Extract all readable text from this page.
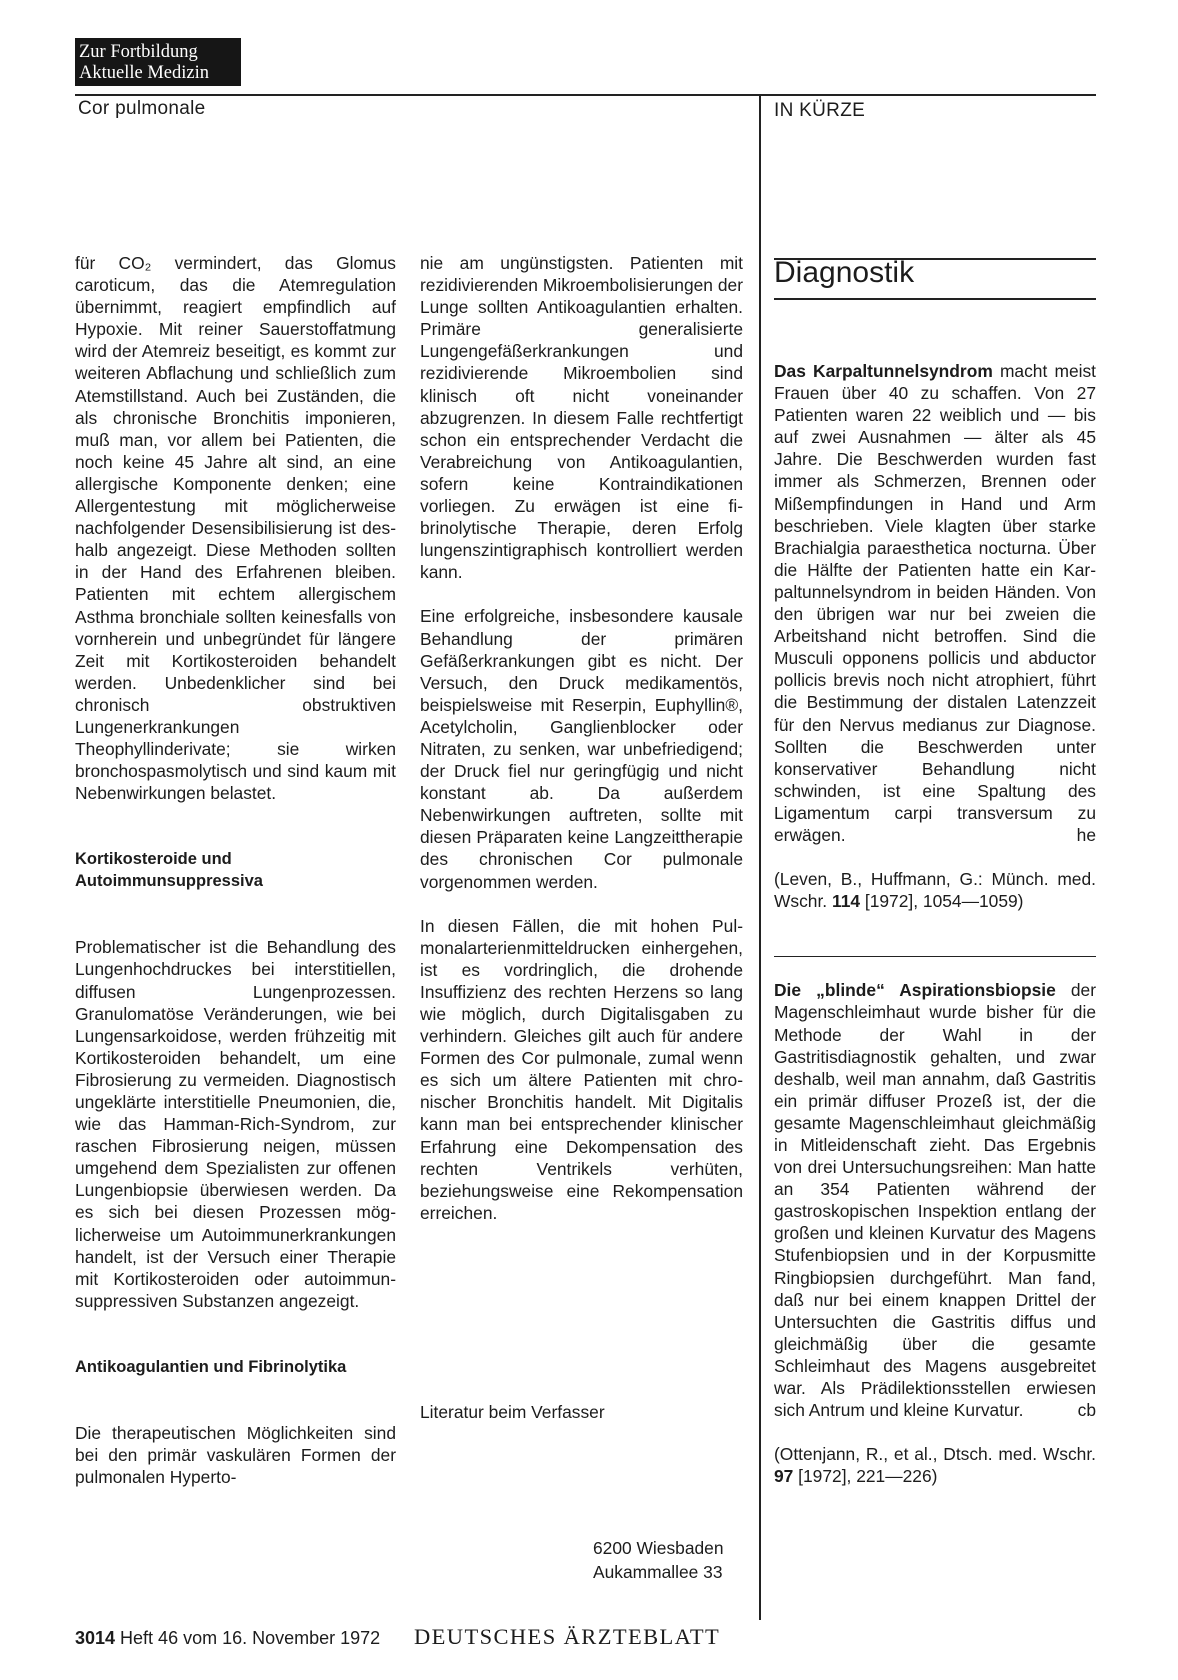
Zur Fortbildung
Aktuelle Medizin
Cor pulmonale	IN KÜRZE

für CO₂ vermindert, das Glomus caroticum, das die Atemregulation übernimmt, reagiert empfindlich auf Hypoxie. Mit reiner Sauerstoffatmung wird der Atemreiz beseitigt, es kommt zur weiteren Abflachung und schließlich zum Atemstillstand. Auch bei Zuständen, die als chronische Bronchitis imponieren, muß man, vor allem bei Patienten, die noch keine 45 Jahre alt sind, an eine allergische Komponente denken; eine Allergentestung mit möglicherweise nachfolgender Desensibilisierung ist deshalb angezeigt. Diese Methoden sollten in der Hand des Erfahrenen bleiben. Patienten mit echtem allergischem Asthma bronchiale sollten keinesfalls von vornherein und unbegründet für längere Zeit mit Kortikosteroiden behandelt werden. Unbedenklicher sind bei chronisch obstruktiven Lungenerkrankungen Theophyllinderivate; sie wirken bronchospasmolytisch und sind kaum mit Nebenwirkungen belastet.

Kortikosteroide und
Autoimmunsuppressiva

Problematischer ist die Behandlung des Lungenhochdruckes bei interstitiellen, diffusen Lungenprozessen. Granulomatöse Veränderungen, wie bei Lungensarkoidose, werden frühzeitig mit Kortikosteroiden behandelt, um eine Fibrosierung zu vermeiden. Diagnostisch ungeklärte interstitielle Pneumonien, die, wie das Hamman-Rich-Syndrom, zur raschen Fibrosierung neigen, müssen umgehend dem Spezialisten zur offenen Lungenbiopsie überwiesen werden. Da es sich bei diesen Prozessen möglicherweise um Autoimmunerkrankungen handelt, ist der Versuch einer Therapie mit Kortikosteroiden oder autoimmun-suppressiven Substanzen angezeigt.

Antikoagulantien und Fibrinolytika

Die therapeutischen Möglichkeiten sind bei den primär vaskulären Formen der pulmonalen Hyperto-

nie am ungünstigsten. Patienten mit rezidivierenden Mikroembolisierungen der Lunge sollten Antikoagulantien erhalten. Primäre generalisierte Lungengefäßerkrankungen und rezidivierende Mikroembolien sind klinisch oft nicht voneinander abzugrenzen. In diesem Falle rechtfertigt schon ein entsprechender Verdacht die Verabreichung von Antikoagulantien, sofern keine Kontraindikationen vorliegen. Zu erwägen ist eine fibrinolytische Therapie, deren Erfolg lungenszintigraphisch kontrolliert werden kann.

Eine erfolgreiche, insbesondere kausale Behandlung der primären Gefäßerkrankungen gibt es nicht. Der Versuch, den Druck medikamentös, beispielsweise mit Reserpin, Euphyllin®, Acetylcholin, Ganglienblocker oder Nitraten, zu senken, war unbefriedigend; der Druck fiel nur geringfügig und nicht konstant ab. Da außerdem Nebenwirkungen auftreten, sollte mit diesen Präparaten keine Langzeittherapie des chronischen Cor pulmonale vorgenommen werden.

In diesen Fällen, die mit hohen Pulmonalarterienmitteldrucken einhergehen, ist es vordringlich, die drohende Insuffizienz des rechten Herzens so lang wie möglich, durch Digitalisgaben zu verhindern. Gleiches gilt auch für andere Formen des Cor pulmonale, zumal wenn es sich um ältere Patienten mit chronischer Bronchitis handelt. Mit Digitalis kann man bei entsprechender klinischer Erfahrung eine Dekompensation des rechten Ventrikels verhüten, beziehungsweise eine Rekompensation erreichen.

Literatur beim Verfasser
6200 Wiesbaden
Aukammallee 33
Diagnostik

Das Karpaltunnelsyndrom macht meist Frauen über 40 zu schaffen. Von 27 Patienten waren 22 weiblich und — bis auf zwei Ausnahmen — älter als 45 Jahre. Die Beschwerden wurden fast immer als Schmerzen, Brennen oder Mißempfindungen in Hand und Arm beschrieben. Viele klagten über starke Brachialgia paraesthetica nocturna. Über die Hälfte der Patienten hatte ein Karpaltunnelsyndrom in beiden Händen. Von den übrigen war nur bei zweien die Arbeitshand nicht betroffen. Sind die Musculi opponens pollicis und abductor pollicis brevis noch nicht atrophiert, führt die Bestimmung der distalen Latenzzeit für den Nervus medianus zur Diagnose. Sollten die Beschwerden unter konservativer Behandlung nicht schwinden, ist eine Spaltung des Ligamentum carpi transversum zu erwägen.	he

(Leven, B., Huffmann, G.: Münch. med. Wschr. 114 [1972], 1054—1059)

Die „blinde“ Aspirationsbiopsie der Magenschleimhaut wurde bisher für die Methode der Wahl in der Gastritisdiagnostik gehalten, und zwar deshalb, weil man annahm, daß Gastritis ein primär diffuser Prozeß ist, der die gesamte Magenschleimhaut gleichmäßig in Mitleidenschaft zieht. Das Ergebnis von drei Untersuchungsreihen: Man hatte an 354 Patienten während der gastroskopischen Inspektion entlang der großen und kleinen Kurvatur des Magens Stufenbiopsien und in der Korpusmitte Ringbiopsien durchgeführt. Man fand, daß nur bei einem knappen Drittel der Untersuchten die Gastritis diffus und gleichmäßig über die gesamte Schleimhaut des Magens ausgebreitet war. Als Prädilektionsstellen erwiesen sich Antrum und kleine Kurvatur.	cb

(Ottenjann, R., et al., Dtsch. med. Wschr. 97 [1972], 221—226)

3014 Heft 46 vom 16. November 1972 DEUTSCHES ÄRZTEBLATT
